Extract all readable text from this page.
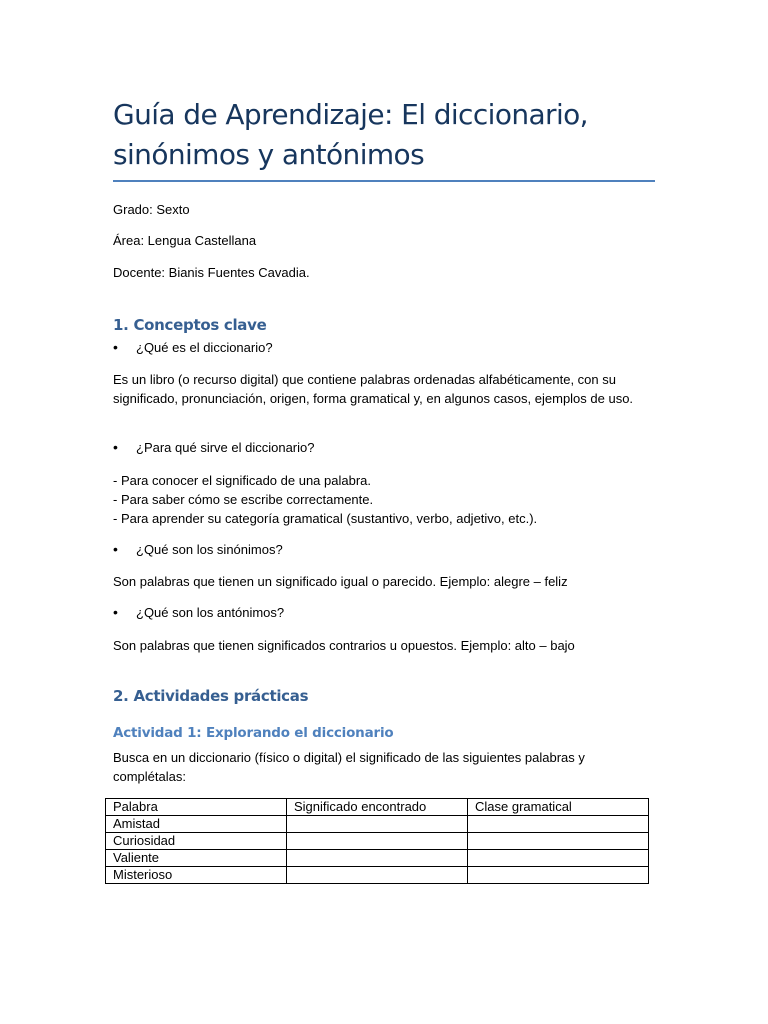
Guía de Aprendizaje: El diccionario,
sinónimos y antónimos
Grado: Sexto
Área: Lengua Castellana
Docente: Bianis Fuentes Cavadia.
1. Conceptos clave
• ¿Qué es el diccionario?
Es un libro (o recurso digital) que contiene palabras ordenadas alfabéticamente, con su significado, pronunciación, origen, forma gramatical y, en algunos casos, ejemplos de uso.
• ¿Para qué sirve el diccionario?
- Para conocer el significado de una palabra.
- Para saber cómo se escribe correctamente.
- Para aprender su categoría gramatical (sustantivo, verbo, adjetivo, etc.).
• ¿Qué son los sinónimos?
Son palabras que tienen un significado igual o parecido. Ejemplo: alegre – feliz
• ¿Qué son los antónimos?
Son palabras que tienen significados contrarios u opuestos. Ejemplo: alto – bajo
2. Actividades prácticas
Actividad 1: Explorando el diccionario
Busca en un diccionario (físico o digital) el significado de las siguientes palabras y complétalas:
Palabra	Significado encontrado	Clase gramatical
Amistad		
Curiosidad		
Valiente		
Misterioso		
